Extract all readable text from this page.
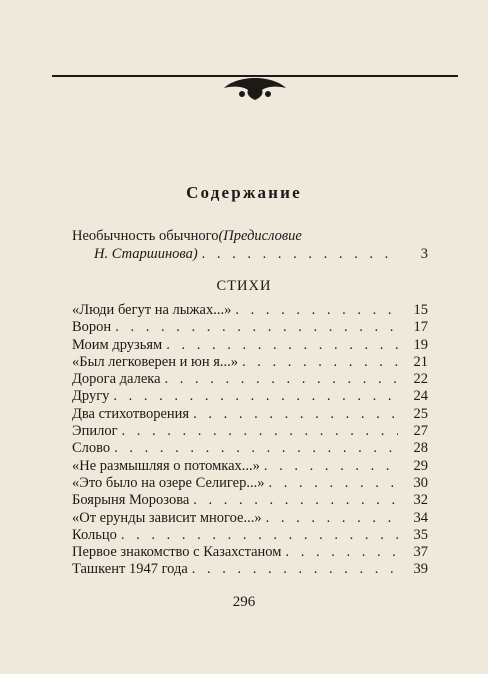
Содержание
Необычность обычного (Предисловие
Н. Старшинова) . . .	3
СТИХИ
«Люди бегут на лыжах...» . . .	15
Ворон . . .	17
Моим друзьям . . .	19
«Был легковерен и юн я...» . . .	21
Дорога далека . . .	22
Другу . . .	24
Два стихотворения . . .	25
Эпилог . . .	27
Слово . . .	28
«Не размышляя о потомках...» . . .	29
«Это было на озере Селигер...» . . .	30
Боярыня Морозова . . .	32
«От ерунды зависит многое...» . . .	34
Кольцо . . .	35
Первое знакомство с Казахстаном . . .	37
Ташкент 1947 года . . .	39
296
